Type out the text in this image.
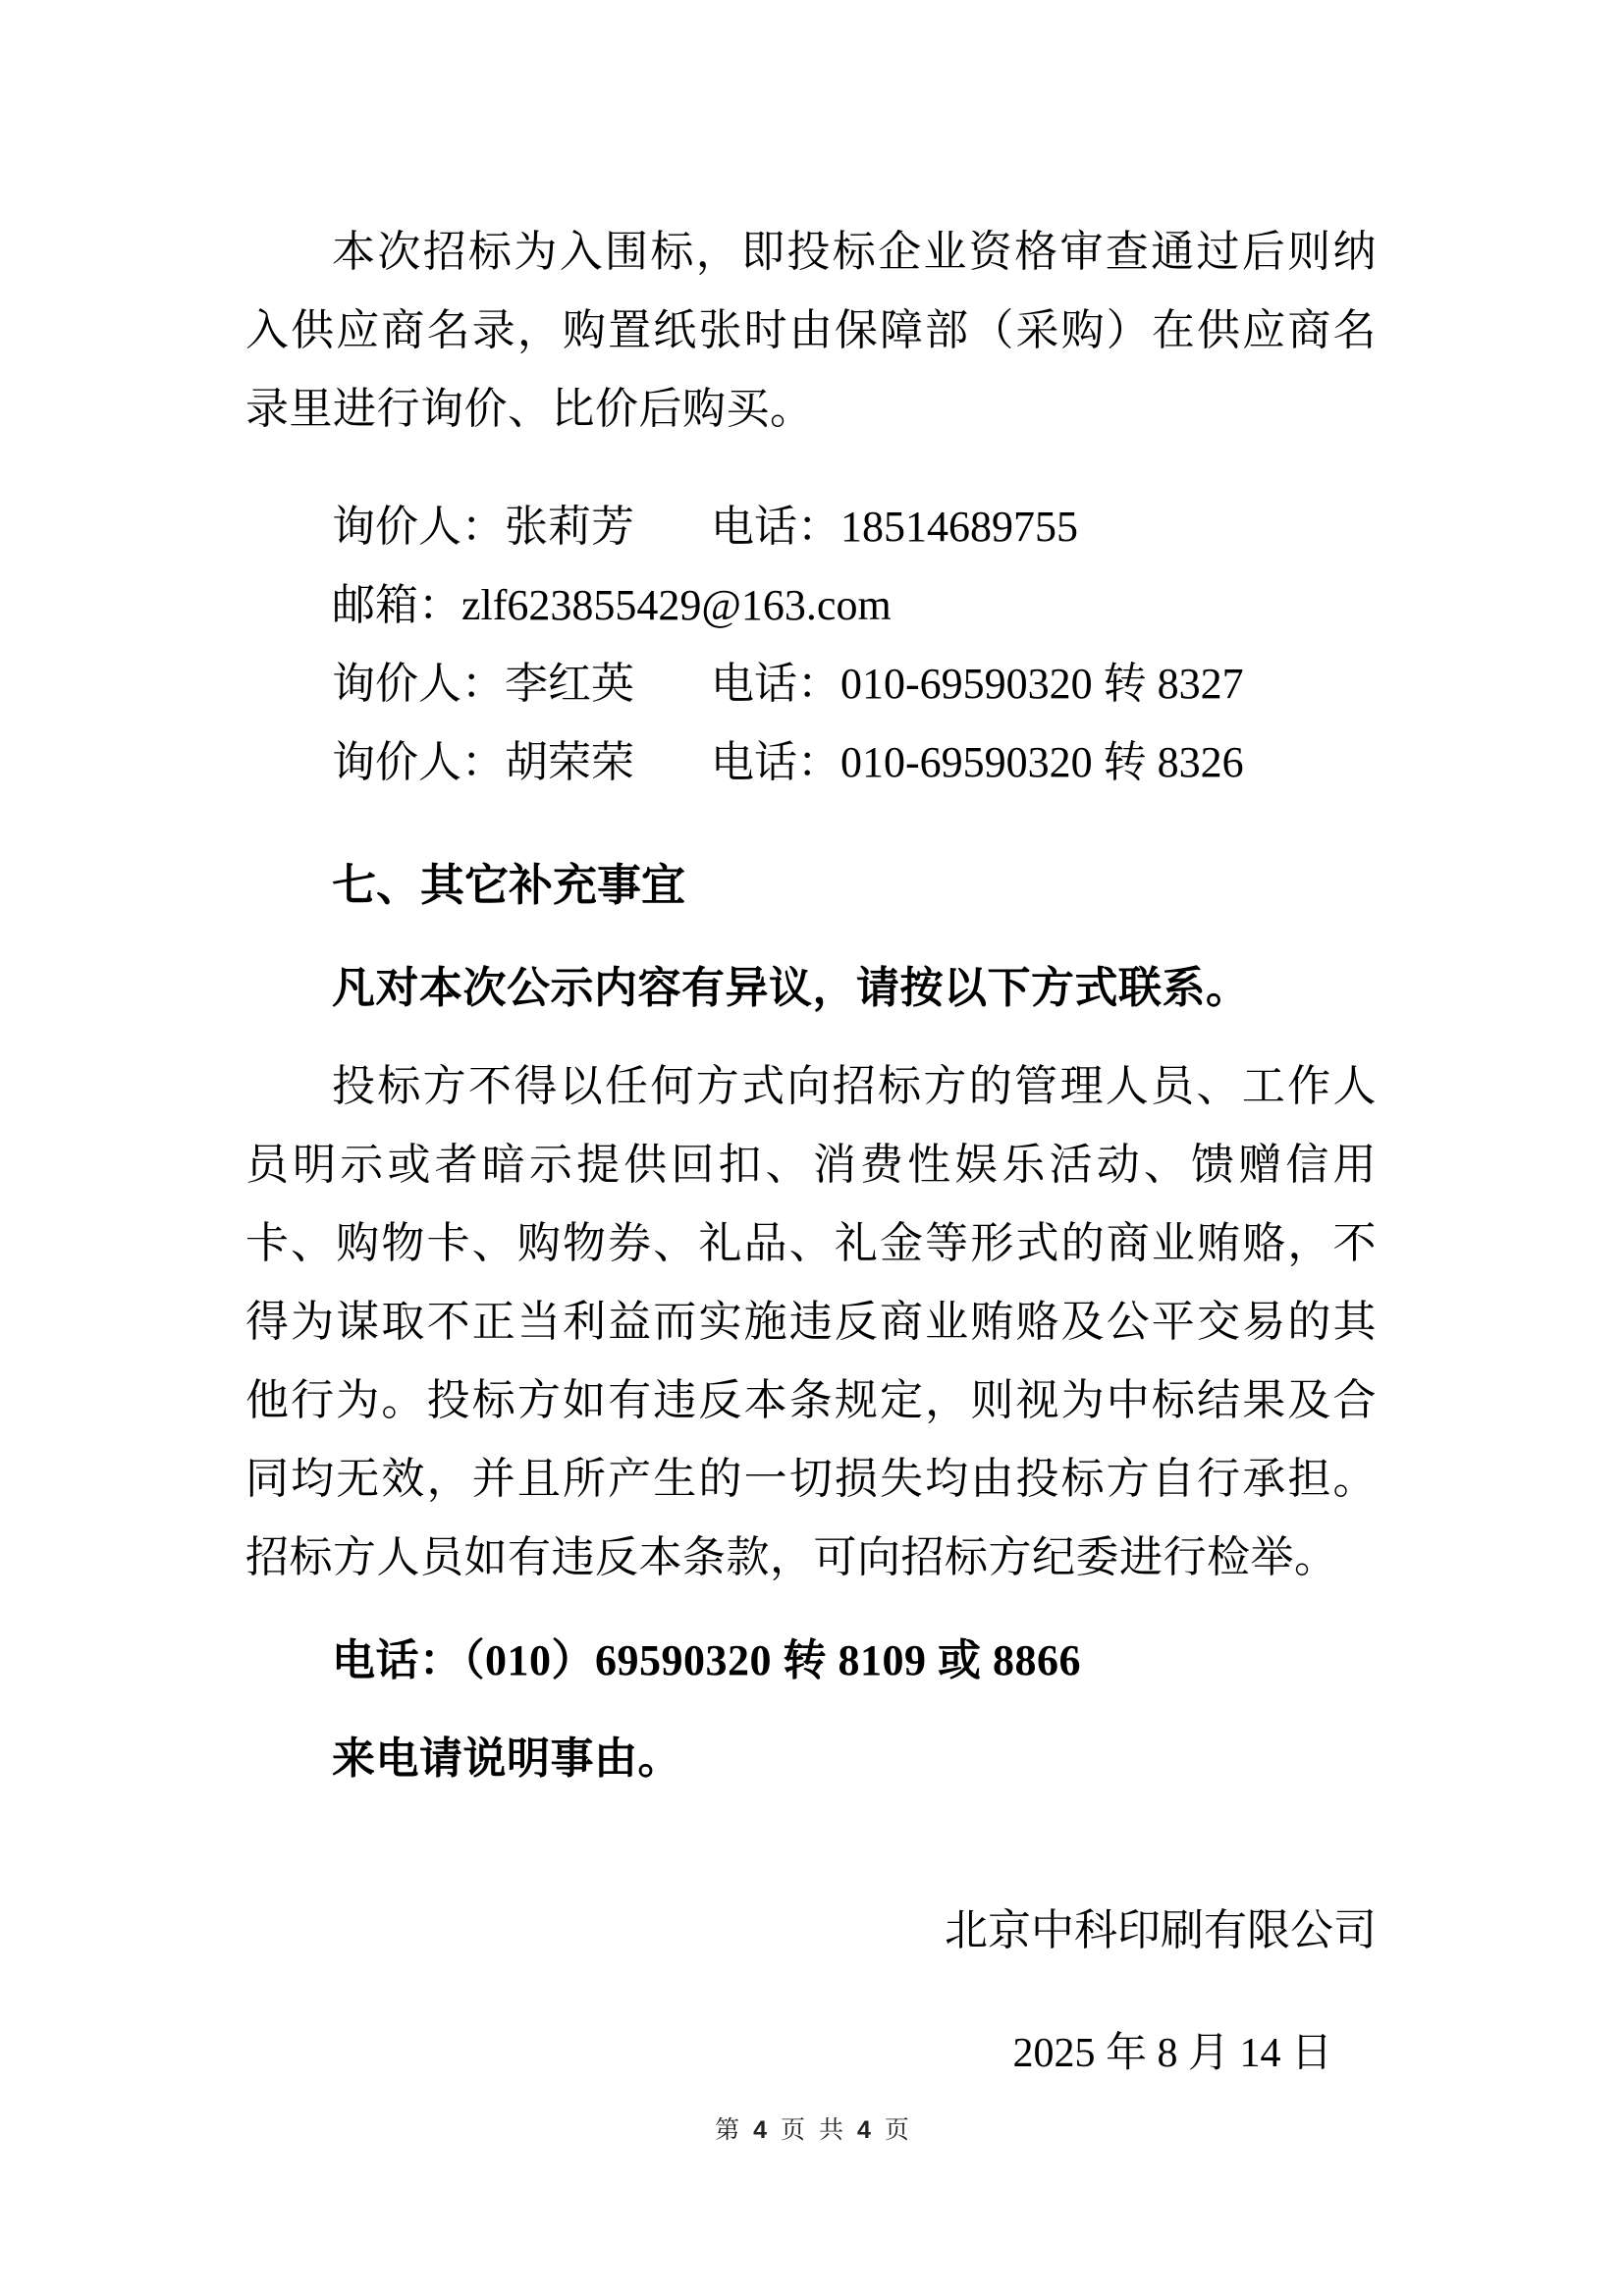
本次招标为入围标，即投标企业资格审查通过后则纳入供应商名录，购置纸张时由保障部（采购）在供应商名录里进行询价、比价后购买。

询价人：张莉芳 电话：18514689755
邮箱：zlf623855429@163.com
询价人：李红英 电话：010-69590320 转 8327
询价人：胡荣荣 电话：010-69590320 转 8326

七、其它补充事宜

凡对本次公示内容有异议，请按以下方式联系。

投标方不得以任何方式向招标方的管理人员、工作人员明示或者暗示提供回扣、消费性娱乐活动、馈赠信用卡、购物卡、购物券、礼品、礼金等形式的商业贿赂，不得为谋取不正当利益而实施违反商业贿赂及公平交易的其他行为。投标方如有违反本条规定，则视为中标结果及合同均无效，并且所产生的一切损失均由投标方自行承担。招标方人员如有违反本条款，可向招标方纪委进行检举。

电话：（010）69590320 转 8109 或 8866

来电请说明事由。

北京中科印刷有限公司

2025 年 8 月 14 日

第 4 页 共 4 页
